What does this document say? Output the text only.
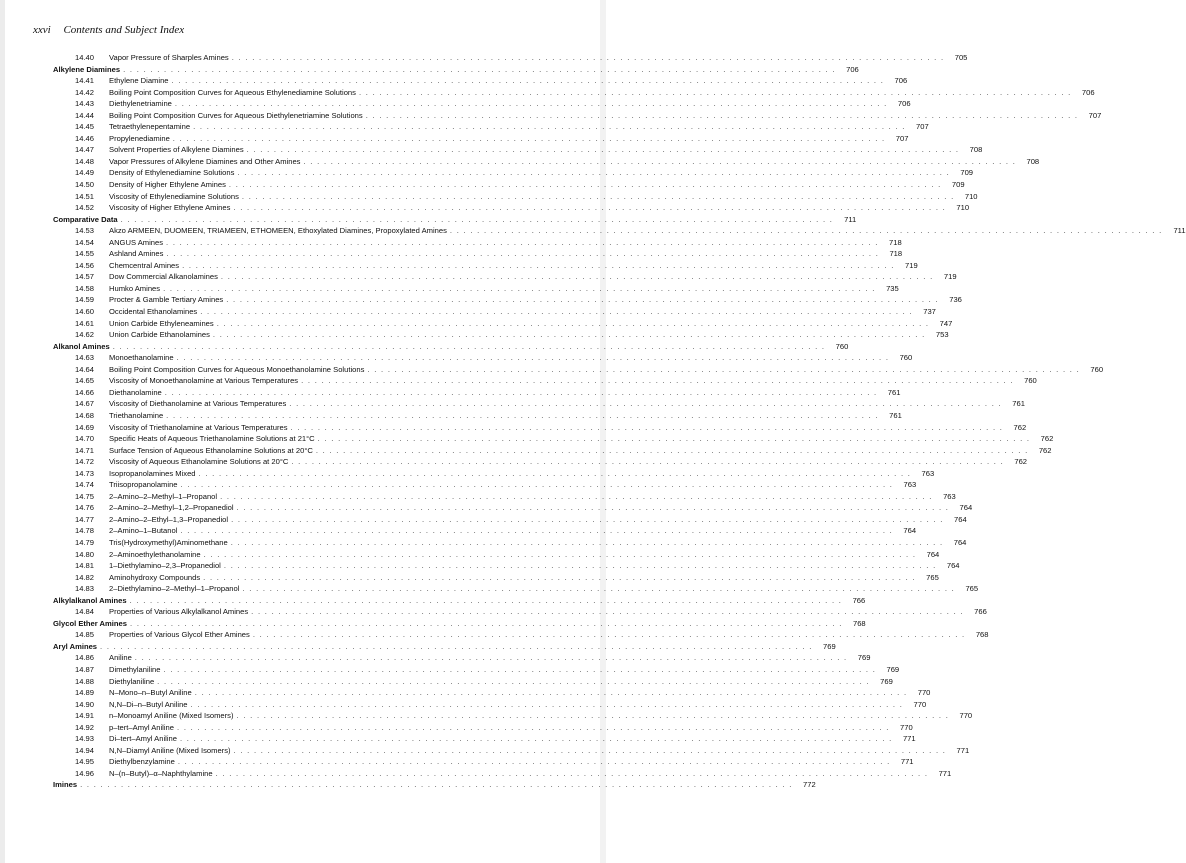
xxvi Contents and Subject Index
14.40	Vapor Pressure of Sharples Amines . . . . . . . . . . . . . . . . . . . . . . . . . . . . . . . . . . . . . . . . . . . . . . . . . . . . . . . . . . . . . . . . . . . . . . . . . . . . . . . . . . . . . . . . . . . . . . . . . . . . . . . . .	705
Alkylene Diamines . . . . . . . . . . . . . . . . . . . . . . . . . . . . . . . . . . . . . . . . . . . . . . . . . . . . . . . . . . . . . . . . . . . . . . . . . . . . . . . . . . . . . . . . . . . . . . . . . . . . . . . . .	706
14.41	Ethylene Diamine . . . . . . . . . . . . . . . . . . . . . . . . . . . . . . . . . . . . . . . . . . . . . . . . . . . . . . . . . . . . . . . . . . . . . . . . . . . . . . . . . . . . . . . . . . . . . . . . . . . . . . . . .	706
14.42	Boiling Point Composition Curves for Aqueous Ethylenediamine Solutions . . . . . . . . . . . . . . . . . . . . . . . . . . . . . . . . . . . . . . . . . . . . . . . . . . . . . . . . . . . . . . . . . . . . . . . . . . . . . . . . . . . . . . . . . . . . . . . . . . . . . . . . .	706
14.43	Diethylenetriamine . . . . . . . . . . . . . . . . . . . . . . . . . . . . . . . . . . . . . . . . . . . . . . . . . . . . . . . . . . . . . . . . . . . . . . . . . . . . . . . . . . . . . . . . . . . . . . . . . . . . . . . . .	706
14.44	Boiling Point Composition Curves for Aqueous Diethylenetriamine Solutions . . . . . . . . . . . . . . . . . . . . . . . . . . . . . . . . . . . . . . . . . . . . . . . . . . . . . . . . . . . . . . . . . . . . . . . . . . . . . . . . . . . . . . . . . . . . . . . . . . . . . . . . .	707
14.45	Tetraethylenepentamine . . . . . . . . . . . . . . . . . . . . . . . . . . . . . . . . . . . . . . . . . . . . . . . . . . . . . . . . . . . . . . . . . . . . . . . . . . . . . . . . . . . . . . . . . . . . . . . . . . . . . . . . .	707
14.46	Propylenediamine . . . . . . . . . . . . . . . . . . . . . . . . . . . . . . . . . . . . . . . . . . . . . . . . . . . . . . . . . . . . . . . . . . . . . . . . . . . . . . . . . . . . . . . . . . . . . . . . . . . . . . . . .	707
14.47	Solvent Properties of Alkylene Diamines . . . . . . . . . . . . . . . . . . . . . . . . . . . . . . . . . . . . . . . . . . . . . . . . . . . . . . . . . . . . . . . . . . . . . . . . . . . . . . . . . . . . . . . . . . . . . . . . . . . . . . . . .	708
14.48	Vapor Pressures of Alkylene Diamines and Other Amines . . . . . . . . . . . . . . . . . . . . . . . . . . . . . . . . . . . . . . . . . . . . . . . . . . . . . . . . . . . . . . . . . . . . . . . . . . . . . . . . . . . . . . . . . . . . . . . . . . . . . . . . .	708
14.49	Density of Ethylenediamine Solutions . . . . . . . . . . . . . . . . . . . . . . . . . . . . . . . . . . . . . . . . . . . . . . . . . . . . . . . . . . . . . . . . . . . . . . . . . . . . . . . . . . . . . . . . . . . . . . . . . . . . . . . . .	709
14.50	Density of Higher Ethylene Amines . . . . . . . . . . . . . . . . . . . . . . . . . . . . . . . . . . . . . . . . . . . . . . . . . . . . . . . . . . . . . . . . . . . . . . . . . . . . . . . . . . . . . . . . . . . . . . . . . . . . . . . . .	709
14.51	Viscosity of Ethylenediamine Solutions . . . . . . . . . . . . . . . . . . . . . . . . . . . . . . . . . . . . . . . . . . . . . . . . . . . . . . . . . . . . . . . . . . . . . . . . . . . . . . . . . . . . . . . . . . . . . . . . . . . . . . . . .	710
14.52	Viscosity of Higher Ethylene Amines . . . . . . . . . . . . . . . . . . . . . . . . . . . . . . . . . . . . . . . . . . . . . . . . . . . . . . . . . . . . . . . . . . . . . . . . . . . . . . . . . . . . . . . . . . . . . . . . . . . . . . . . .	710
Comparative Data . . . . . . . . . . . . . . . . . . . . . . . . . . . . . . . . . . . . . . . . . . . . . . . . . . . . . . . . . . . . . . . . . . . . . . . . . . . . . . . . . . . . . . . . . . . . . . . . . . . . . . . . .	711
14.53	Akzo ARMEEN, DUOMEEN, TRIAMEEN, ETHOMEEN, Ethoxylated Diamines, Propoxylated Amines . . . . . . . . . . . . . . . . . . . . . . . . . . . . . . . . . . . . . . . . . . . . . . . . . . . . . . . . . . . . . . . . . . . . . . . . . . . . . . . . . . . . . . . . . . . . . . . . . . . . . . . . .	711
14.54	ANGUS Amines . . . . . . . . . . . . . . . . . . . . . . . . . . . . . . . . . . . . . . . . . . . . . . . . . . . . . . . . . . . . . . . . . . . . . . . . . . . . . . . . . . . . . . . . . . . . . . . . . . . . . . . . .	718
14.55	Ashland Amines . . . . . . . . . . . . . . . . . . . . . . . . . . . . . . . . . . . . . . . . . . . . . . . . . . . . . . . . . . . . . . . . . . . . . . . . . . . . . . . . . . . . . . . . . . . . . . . . . . . . . . . . .	718
14.56	Chemcentral Amines . . . . . . . . . . . . . . . . . . . . . . . . . . . . . . . . . . . . . . . . . . . . . . . . . . . . . . . . . . . . . . . . . . . . . . . . . . . . . . . . . . . . . . . . . . . . . . . . . . . . . . . . .	719
14.57	Dow Commercial Alkanolamines . . . . . . . . . . . . . . . . . . . . . . . . . . . . . . . . . . . . . . . . . . . . . . . . . . . . . . . . . . . . . . . . . . . . . . . . . . . . . . . . . . . . . . . . . . . . . . . . . . . . . . . . .	719
14.58	Humko Amines . . . . . . . . . . . . . . . . . . . . . . . . . . . . . . . . . . . . . . . . . . . . . . . . . . . . . . . . . . . . . . . . . . . . . . . . . . . . . . . . . . . . . . . . . . . . . . . . . . . . . . . . .	735
14.59	Procter & Gamble Tertiary Amines . . . . . . . . . . . . . . . . . . . . . . . . . . . . . . . . . . . . . . . . . . . . . . . . . . . . . . . . . . . . . . . . . . . . . . . . . . . . . . . . . . . . . . . . . . . . . . . . . . . . . . . . .	736
14.60	Occidental Ethanolamines . . . . . . . . . . . . . . . . . . . . . . . . . . . . . . . . . . . . . . . . . . . . . . . . . . . . . . . . . . . . . . . . . . . . . . . . . . . . . . . . . . . . . . . . . . . . . . . . . . . . . . . . .	737
14.61	Union Carbide Ethyleneamines . . . . . . . . . . . . . . . . . . . . . . . . . . . . . . . . . . . . . . . . . . . . . . . . . . . . . . . . . . . . . . . . . . . . . . . . . . . . . . . . . . . . . . . . . . . . . . . . . . . . . . . . .	747
14.62	Union Carbide Ethanolamines . . . . . . . . . . . . . . . . . . . . . . . . . . . . . . . . . . . . . . . . . . . . . . . . . . . . . . . . . . . . . . . . . . . . . . . . . . . . . . . . . . . . . . . . . . . . . . . . . . . . . . . . .	753
Alkanol Amines . . . . . . . . . . . . . . . . . . . . . . . . . . . . . . . . . . . . . . . . . . . . . . . . . . . . . . . . . . . . . . . . . . . . . . . . . . . . . . . . . . . . . . . . . . . . . . . . . . . . . . . . .	760
14.63	Monoethanolamine . . . . . . . . . . . . . . . . . . . . . . . . . . . . . . . . . . . . . . . . . . . . . . . . . . . . . . . . . . . . . . . . . . . . . . . . . . . . . . . . . . . . . . . . . . . . . . . . . . . . . . . . .	760
14.64	Boiling Point Composition Curves for Aqueous Monoethanolamine Solutions . . . . . . . . . . . . . . . . . . . . . . . . . . . . . . . . . . . . . . . . . . . . . . . . . . . . . . . . . . . . . . . . . . . . . . . . . . . . . . . . . . . . . . . . . . . . . . . . . . . . . . . . .	760
14.65	Viscosity of Monoethanolamine at Various Temperatures . . . . . . . . . . . . . . . . . . . . . . . . . . . . . . . . . . . . . . . . . . . . . . . . . . . . . . . . . . . . . . . . . . . . . . . . . . . . . . . . . . . . . . . . . . . . . . . . . . . . . . . . .	760
14.66	Diethanolamine . . . . . . . . . . . . . . . . . . . . . . . . . . . . . . . . . . . . . . . . . . . . . . . . . . . . . . . . . . . . . . . . . . . . . . . . . . . . . . . . . . . . . . . . . . . . . . . . . . . . . . . . .	761
14.67	Viscosity of Diethanolamine at Various Temperatures . . . . . . . . . . . . . . . . . . . . . . . . . . . . . . . . . . . . . . . . . . . . . . . . . . . . . . . . . . . . . . . . . . . . . . . . . . . . . . . . . . . . . . . . . . . . . . . . . . . . . . . . .	761
14.68	Triethanolamine . . . . . . . . . . . . . . . . . . . . . . . . . . . . . . . . . . . . . . . . . . . . . . . . . . . . . . . . . . . . . . . . . . . . . . . . . . . . . . . . . . . . . . . . . . . . . . . . . . . . . . . . .	761
14.69	Viscosity of Triethanolamine at Various Temperatures . . . . . . . . . . . . . . . . . . . . . . . . . . . . . . . . . . . . . . . . . . . . . . . . . . . . . . . . . . . . . . . . . . . . . . . . . . . . . . . . . . . . . . . . . . . . . . . . . . . . . . . . .	762
14.70	Specific Heats of Aqueous Triethanolamine Solutions at 21°C . . . . . . . . . . . . . . . . . . . . . . . . . . . . . . . . . . . . . . . . . . . . . . . . . . . . . . . . . . . . . . . . . . . . . . . . . . . . . . . . . . . . . . . . . . . . . . . . . . . . . . . . .	762
14.71	Surface Tension of Aqueous Ethanolamine Solutions at 20°C . . . . . . . . . . . . . . . . . . . . . . . . . . . . . . . . . . . . . . . . . . . . . . . . . . . . . . . . . . . . . . . . . . . . . . . . . . . . . . . . . . . . . . . . . . . . . . . . . . . . . . . . .	762
14.72	Viscosity of Aqueous Ethanolamine Solutions at 20°C . . . . . . . . . . . . . . . . . . . . . . . . . . . . . . . . . . . . . . . . . . . . . . . . . . . . . . . . . . . . . . . . . . . . . . . . . . . . . . . . . . . . . . . . . . . . . . . . . . . . . . . . .	762
14.73	Isopropanolamines Mixed . . . . . . . . . . . . . . . . . . . . . . . . . . . . . . . . . . . . . . . . . . . . . . . . . . . . . . . . . . . . . . . . . . . . . . . . . . . . . . . . . . . . . . . . . . . . . . . . . . . . . . . . .	763
14.74	Triisopropanolamine . . . . . . . . . . . . . . . . . . . . . . . . . . . . . . . . . . . . . . . . . . . . . . . . . . . . . . . . . . . . . . . . . . . . . . . . . . . . . . . . . . . . . . . . . . . . . . . . . . . . . . . . .	763
14.75	2–Amino–2–Methyl–1–Propanol . . . . . . . . . . . . . . . . . . . . . . . . . . . . . . . . . . . . . . . . . . . . . . . . . . . . . . . . . . . . . . . . . . . . . . . . . . . . . . . . . . . . . . . . . . . . . . . . . . . . . . . . .	763
14.76	2–Amino–2–Methyl–1,2–Propanediol . . . . . . . . . . . . . . . . . . . . . . . . . . . . . . . . . . . . . . . . . . . . . . . . . . . . . . . . . . . . . . . . . . . . . . . . . . . . . . . . . . . . . . . . . . . . . . . . . . . . . . . . .	764
14.77	2–Amino–2–Ethyl–1,3–Propanediol . . . . . . . . . . . . . . . . . . . . . . . . . . . . . . . . . . . . . . . . . . . . . . . . . . . . . . . . . . . . . . . . . . . . . . . . . . . . . . . . . . . . . . . . . . . . . . . . . . . . . . . . .	764
14.78	2–Amino–1–Butanol . . . . . . . . . . . . . . . . . . . . . . . . . . . . . . . . . . . . . . . . . . . . . . . . . . . . . . . . . . . . . . . . . . . . . . . . . . . . . . . . . . . . . . . . . . . . . . . . . . . . . . . . .	764
14.79	Tris(Hydroxymethyl)Aminomethane . . . . . . . . . . . . . . . . . . . . . . . . . . . . . . . . . . . . . . . . . . . . . . . . . . . . . . . . . . . . . . . . . . . . . . . . . . . . . . . . . . . . . . . . . . . . . . . . . . . . . . . . .	764
14.80	2–Aminoethylethanolamine . . . . . . . . . . . . . . . . . . . . . . . . . . . . . . . . . . . . . . . . . . . . . . . . . . . . . . . . . . . . . . . . . . . . . . . . . . . . . . . . . . . . . . . . . . . . . . . . . . . . . . . . .	764
14.81	1–Diethylamino–2,3–Propanediol . . . . . . . . . . . . . . . . . . . . . . . . . . . . . . . . . . . . . . . . . . . . . . . . . . . . . . . . . . . . . . . . . . . . . . . . . . . . . . . . . . . . . . . . . . . . . . . . . . . . . . . . .	764
14.82	Aminohydroxy Compounds . . . . . . . . . . . . . . . . . . . . . . . . . . . . . . . . . . . . . . . . . . . . . . . . . . . . . . . . . . . . . . . . . . . . . . . . . . . . . . . . . . . . . . . . . . . . . . . . . . . . . . . . .	765
14.83	2–Diethylamino–2–Methyl–1–Propanol . . . . . . . . . . . . . . . . . . . . . . . . . . . . . . . . . . . . . . . . . . . . . . . . . . . . . . . . . . . . . . . . . . . . . . . . . . . . . . . . . . . . . . . . . . . . . . . . . . . . . . . . .	765
Alkylalkanol Amines . . . . . . . . . . . . . . . . . . . . . . . . . . . . . . . . . . . . . . . . . . . . . . . . . . . . . . . . . . . . . . . . . . . . . . . . . . . . . . . . . . . . . . . . . . . . . . . . . . . . . . . . .	766
14.84	Properties of Various Alkylalkanol Amines . . . . . . . . . . . . . . . . . . . . . . . . . . . . . . . . . . . . . . . . . . . . . . . . . . . . . . . . . . . . . . . . . . . . . . . . . . . . . . . . . . . . . . . . . . . . . . . . . . . . . . . . .	766
Glycol Ether Amines . . . . . . . . . . . . . . . . . . . . . . . . . . . . . . . . . . . . . . . . . . . . . . . . . . . . . . . . . . . . . . . . . . . . . . . . . . . . . . . . . . . . . . . . . . . . . . . . . . . . . . . . .	768
14.85	Properties of Various Glycol Ether Amines . . . . . . . . . . . . . . . . . . . . . . . . . . . . . . . . . . . . . . . . . . . . . . . . . . . . . . . . . . . . . . . . . . . . . . . . . . . . . . . . . . . . . . . . . . . . . . . . . . . . . . . . .	768
Aryl Amines . . . . . . . . . . . . . . . . . . . . . . . . . . . . . . . . . . . . . . . . . . . . . . . . . . . . . . . . . . . . . . . . . . . . . . . . . . . . . . . . . . . . . . . . . . . . . . . . . . . . . . . . .	769
14.86	Aniline . . . . . . . . . . . . . . . . . . . . . . . . . . . . . . . . . . . . . . . . . . . . . . . . . . . . . . . . . . . . . . . . . . . . . . . . . . . . . . . . . . . . . . . . . . . . . . . . . . . . . . . . .	769
14.87	Dimethylaniline . . . . . . . . . . . . . . . . . . . . . . . . . . . . . . . . . . . . . . . . . . . . . . . . . . . . . . . . . . . . . . . . . . . . . . . . . . . . . . . . . . . . . . . . . . . . . . . . . . . . . . . . .	769
14.88	Diethylaniline . . . . . . . . . . . . . . . . . . . . . . . . . . . . . . . . . . . . . . . . . . . . . . . . . . . . . . . . . . . . . . . . . . . . . . . . . . . . . . . . . . . . . . . . . . . . . . . . . . . . . . . . .	769
14.89	N–Mono–n–Butyl Aniline . . . . . . . . . . . . . . . . . . . . . . . . . . . . . . . . . . . . . . . . . . . . . . . . . . . . . . . . . . . . . . . . . . . . . . . . . . . . . . . . . . . . . . . . . . . . . . . . . . . . . . . . .	770
14.90	N,N–Di–n–Butyl Aniline . . . . . . . . . . . . . . . . . . . . . . . . . . . . . . . . . . . . . . . . . . . . . . . . . . . . . . . . . . . . . . . . . . . . . . . . . . . . . . . . . . . . . . . . . . . . . . . . . . . . . . . . .	770
14.91	n–Monoamyl Aniline (Mixed Isomers) . . . . . . . . . . . . . . . . . . . . . . . . . . . . . . . . . . . . . . . . . . . . . . . . . . . . . . . . . . . . . . . . . . . . . . . . . . . . . . . . . . . . . . . . . . . . . . . . . . . . . . . . .	770
14.92	p–tert–Amyl Aniline . . . . . . . . . . . . . . . . . . . . . . . . . . . . . . . . . . . . . . . . . . . . . . . . . . . . . . . . . . . . . . . . . . . . . . . . . . . . . . . . . . . . . . . . . . . . . . . . . . . . . . . . .	770
14.93	Di–tert–Amyl Aniline . . . . . . . . . . . . . . . . . . . . . . . . . . . . . . . . . . . . . . . . . . . . . . . . . . . . . . . . . . . . . . . . . . . . . . . . . . . . . . . . . . . . . . . . . . . . . . . . . . . . . . . . .	771
14.94	N,N–Diamyl Aniline (Mixed Isomers) . . . . . . . . . . . . . . . . . . . . . . . . . . . . . . . . . . . . . . . . . . . . . . . . . . . . . . . . . . . . . . . . . . . . . . . . . . . . . . . . . . . . . . . . . . . . . . . . . . . . . . . . .	771
14.95	Diethylbenzylamine . . . . . . . . . . . . . . . . . . . . . . . . . . . . . . . . . . . . . . . . . . . . . . . . . . . . . . . . . . . . . . . . . . . . . . . . . . . . . . . . . . . . . . . . . . . . . . . . . . . . . . . . .	771
14.96	N–(n–Butyl)–α–Naphthylamine . . . . . . . . . . . . . . . . . . . . . . . . . . . . . . . . . . . . . . . . . . . . . . . . . . . . . . . . . . . . . . . . . . . . . . . . . . . . . . . . . . . . . . . . . . . . . . . . . . . . . . . . .	771
Imines . . . . . . . . . . . . . . . . . . . . . . . . . . . . . . . . . . . . . . . . . . . . . . . . . . . . . . . . . . . . . . . . . . . . . . . . . . . . . . . . . . . . . . . . . . . . . . . . . . . . . . . . .	772
